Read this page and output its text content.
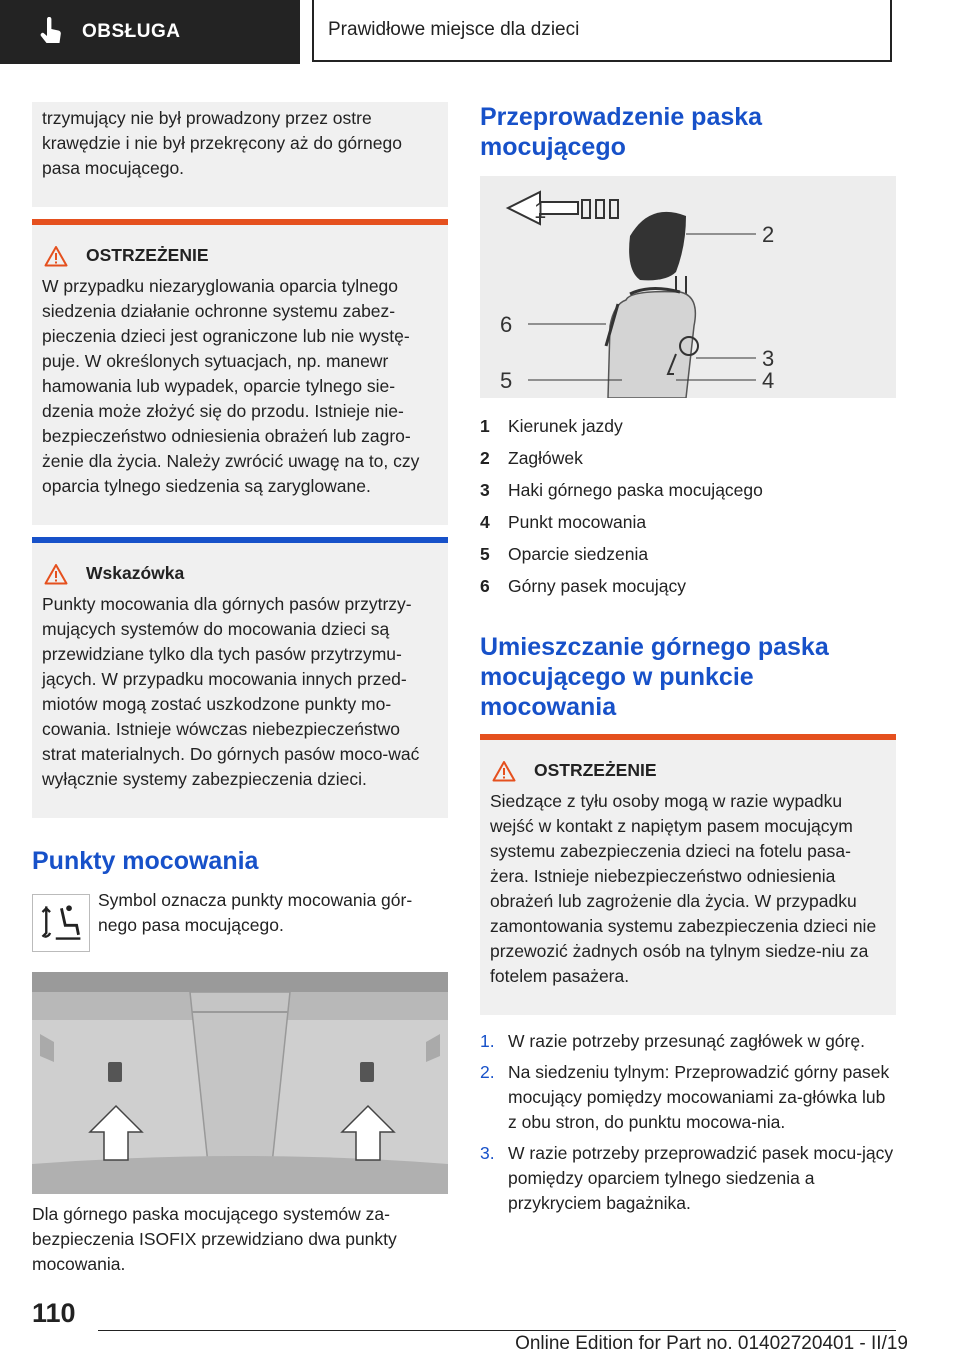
OBSŁUGA	Prawidłowe miejsce dla dzieci

trzymujący nie był prowadzony przez ostre krawędzie i nie był przekręcony aż do górnego pasa mocującego.

OSTRZEŻENIE

W przypadku niezaryglowania oparcia tylnego siedzenia działanie ochronne systemu zabez-pieczenia dzieci jest ograniczone lub nie wystę-puje. W określonych sytuacjach, np. manewr hamowania lub wypadek, oparcie tylnego sie-dzenia może złożyć się do przodu. Istnieje nie-bezpieczeństwo odniesienia obrażeń lub zagro-żenie dla życia. Należy zwrócić uwagę na to, czy oparcia tylnego siedzenia są zaryglowane.

Wskazówka

Punkty mocowania dla górnych pasów przytrzy-mujących systemów do mocowania dzieci są przewidziane tylko dla tych pasów przytrzymu-jących. W przypadku mocowania innych przed-miotów mogą zostać uszkodzone punkty mo-cowania. Istnieje wówczas niebezpieczeństwo strat materialnych. Do górnych pasów moco-wać wyłącznie systemy zabezpieczenia dzieci.

Punkty mocowania
Symbol oznacza punkty mocowania gór-nego pasa mocującego.
Dla górnego paska mocującego systemów za-bezpieczenia ISOFIX przewidziano dwa punkty mocowania.
Przeprowadzenie paska mocującego
1
2
3
4
5
6
1	Kierunek jazdy
2	Zagłówek
3	Haki górnego paska mocującego
4	Punkt mocowania
5	Oparcie siedzenia
6	Górny pasek mocujący
Umieszczanie górnego paska mocującego w punkcie mocowania
OSTRZEŻENIE

Siedzące z tyłu osoby mogą w razie wypadku wejść w kontakt z napiętym pasem mocującym systemu zabezpieczenia dzieci na fotelu pasa-żera. Istnieje niebezpieczeństwo odniesienia obrażeń lub zagrożenie dla życia. W przypadku zamontowania systemu zabezpieczenia dzieci nie przewozić żadnych osób na tylnym siedze-niu za fotelem pasażera.

1. W razie potrzeby przesunąć zagłówek w górę.
2. Na siedzeniu tylnym: Przeprowadzić górny pasek mocujący pomiędzy mocowaniami za-główka lub z obu stron, do punktu mocowa-nia.
3. W razie potrzeby przeprowadzić pasek mocu-jący pomiędzy oparciem tylnego siedzenia a przykryciem bagażnika.
110
Online Edition for Part no. 01402720401 - II/19
